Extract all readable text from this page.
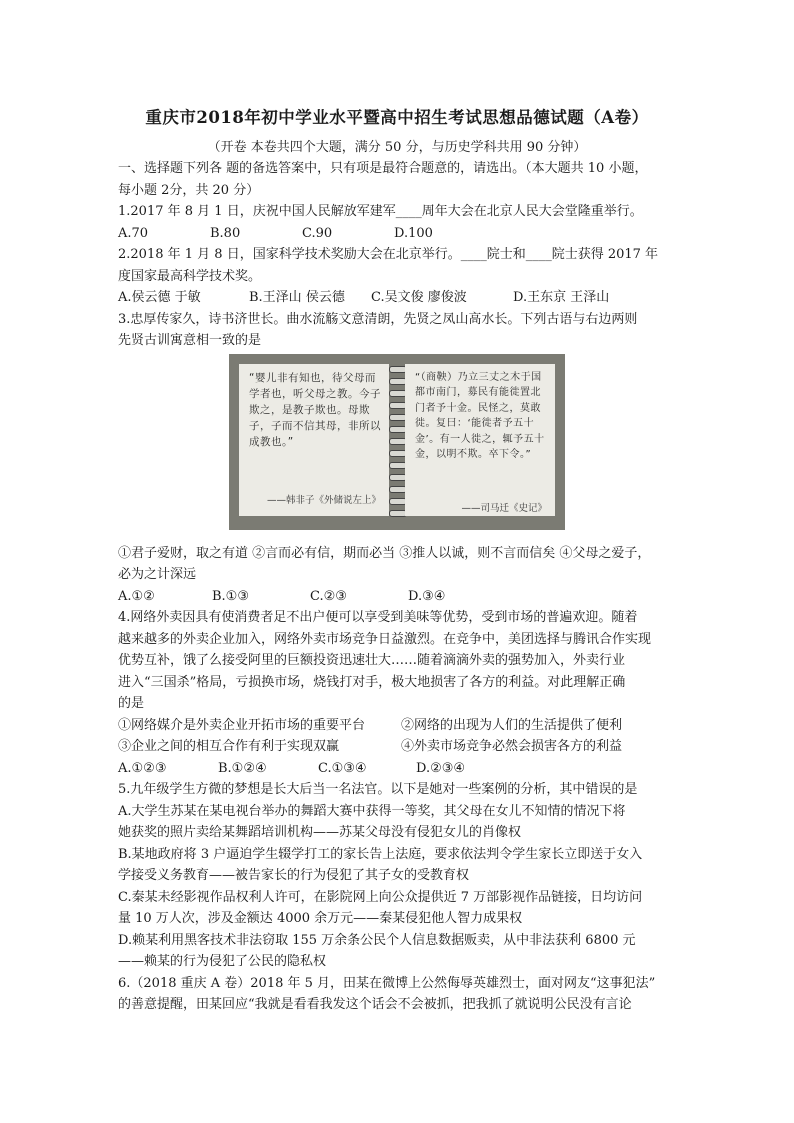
重庆市2018年初中学业水平暨高中招生考试思想品德试题（A卷）
（开卷 本卷共四个大题，满分 50 分，与历史学科共用 90 分钟）

一、选择题下列各 题的备选答案中，只有项是最符合题意的，请选出。（本大题共 10 小题，

每小题 2分，共 20 分）

1.2017 年 8 月 1 日，庆祝中国人民解放军建军____周年大会在北京人民大会堂隆重举行。

A.70	B.80	C.90	D.100

2.2018 年 1 月 8 日，国家科学技术奖励大会在北京举行。____院士和____院士获得 2017 年

度国家最高科学技术奖。

A.侯云德 于敏	B.王泽山 侯云德	C.吴文俊 廖俊波	D.王东京 王泽山

3.忠厚传家久，诗书济世长。曲水流觞文意清朗，先贤之凤山高水长。下列古语与右边两则

先贤古训寓意相一致的是

“婴儿非有知也，待父母而学者也，听父母之教。今子欺之，是教子欺也。母欺子，子而不信其母，非所以成教也。”
——韩非子《外储说左上》
“（商鞅）乃立三丈之木于国都市南门，募民有能徙置北门者予十金。民怪之，莫敢徙。复曰：‘能徙者予五十金’。有一人徙之，辄予五十金，以明不欺。卒下令。”
——司马迁《史记》

①君子爱财，取之有道 ②言而必有信，期而必当 ③推人以诚，则不言而信矣 ④父母之爱子，

必为之计深远

A.①②	B.①③	C.②③	D.③④

4.网络外卖因具有使消费者足不出户便可以享受到美味等优势，受到市场的普遍欢迎。随着

越来越多的外卖企业加入，网络外卖市场竞争日益激烈。在竞争中，美团选择与腾讯合作实现

优势互补，饿了么接受阿里的巨额投资迅速壮大……随着滴滴外卖的强势加入，外卖行业

进入“三国杀”格局，亏损换市场，烧钱打对手，极大地损害了各方的利益。对此理解正确

的是

①网络媒介是外卖企业开拓市场的重要平台	②网络的出现为人们的生活提供了便利
③企业之间的相互合作有利于实现双赢	④外卖市场竞争必然会损害各方的利益
A.①②③	B.①②④	C.①③④	D.②③④

5.九年级学生方微的梦想是长大后当一名法官。以下是她对一些案例的分析，其中错误的是

A.大学生苏某在某电视台举办的舞蹈大赛中获得一等奖，其父母在女儿不知情的情况下将

她获奖的照片卖给某舞蹈培训机构——苏某父母没有侵犯女儿的肖像权

B.某地政府将 3 户逼迫学生辍学打工的家长告上法庭，要求依法判令学生家长立即送于女入

学接受义务教育——被告家长的行为侵犯了其子女的受教育权

C.秦某未经影视作品权利人许可，在影院网上向公众提供近 7 万部影视作品链接，日均访问

量 10 万人次，涉及金额达 4000 余万元——秦某侵犯他人智力成果权

D.赖某利用黑客技术非法窃取 155 万余条公民个人信息数据贩卖，从中非法获利 6800 元

——赖某的行为侵犯了公民的隐私权

6.（2018 重庆 A 卷）2018 年 5 月，田某在微博上公然侮辱英雄烈士，面对网友“这事犯法”

的善意提醒，田某回应“我就是看看我发这个话会不会被抓，把我抓了就说明公民没有言论
